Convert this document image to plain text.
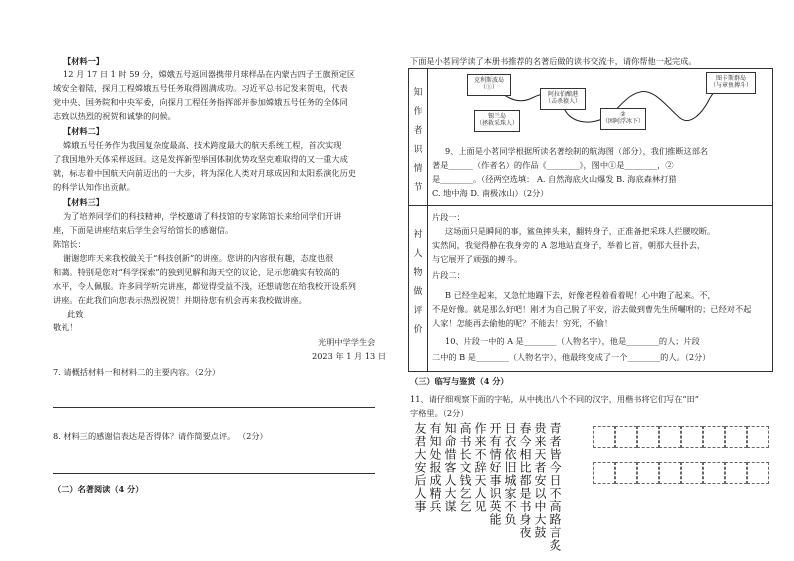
【材料一】
12 月 17 日 1 时 59 分，嫦娥五号返回器携带月球样品在内蒙古四子王旗预定区
域安全着陆，探月工程嫦娥五号任务取得圆满成功。习近平总书记发来贺电，代表
党中央、国务院和中央军委，向探月工程任务指挥部并参加嫦娥五号任务的全体同
志致以热烈的祝贺和诚挚的问候。
【材料二】
嫦娥五号任务作为我国复杂度最高、技术跨度最大的航天系统工程，首次实现
了我国地外天体采样返回。这是发挥新型举国体制优势攻坚克难取得的又一重大成
就，标志着中国航天向前迈出的一大步，将为深化人类对月球成因和太阳系演化历史
的科学认知作出贡献。
【材料三】
为了培养同学们的科技精神，学校邀请了科技馆的专家陈馆长来给同学们开讲
座，下面是讲座结束后学生会写给馆长的感谢信。
陈馆长：
谢谢您昨天来我校做关于“科技创新”的讲座。您讲的内容很有趣，态度也很
和蔼。特别是您对“科学探索”的独到见解和海天空的议论，足示您确实有较高的
水平，令人佩服。许多同学听完讲座，都觉得受益不浅，还想请您在给我校开设系列
讲座。在此我们向您表示热烈祝贺！并期待您有机会再来我校做讲座。
此致
敬礼！
光明中学学生会
2023 年 1 月 13 日
7. 请概括材料一和材料二的主要内容。（2分）
8. 材料三的感谢信表达是否得体？请作简要点评。 （2分）
（二）名著阅读（4 分）
下面是小茗同学读了本册书推荐的名著后做的读书交流卡，请你帮他一起完成。
知作者识情节
衬人物做评价
克利斯波岛
（①）
阿拉伯酿港
（击杀猿人）
锡兰岛
（拯救采珠人）
②
（困阿浮冰下）
图卡斯群岛
（与章鱼搏斗）
9、上面是小茗同学根据所读名著绘制的航海图（部分），我们推断这部名
著是______（作者名）的作品《________》，图中①是________，②
是________。（径两空选填： A. 自然海底火山爆发 B. 海底森林打猎
C. 地中海 D. 南极冰山）（2分）
片段一：
这场面只是瞬间的事，鲨鱼摔头来，翻转身子，正准备把采珠人拦腰咬断。
实然间，我觉得静在我身旁的 A 忽地站直身子，举着匕首，朝那大昼扑去，
与它展开了顽强的搏斗。
片段二：
B 已经坐起来，又急忙地蹦下去，好像老程着看着呢！心中跑了起来。不，
不是好像。就是那么好吧！刚才为自己脱了平安，浴去做到曹先生所囑咐的；已经对不起
人家！怎能再去偷他的呢？不能去！穷死，不偷！
10、片段一中的 A 是________（人物名字），他是________的人；片段
二中的 B 是________（人物名字），他最终变成了一个________的人。（2分）
（三）临写与鉴赏（4 分）
11、请仔细观察下面的字帖，从中挑出八个不同的汉字，用楷书将它们写在“田”
字格里。（2分）
青者皆今日不高路言炙
贵来天者安以中大鼓
春今相比都是书身夜
日衣依旧城家不负
开有情好事识英能
作来不辞天人见
高书长文钱乞乞
知命惜客人大谋
有知处报成精兵
友君大安后人事
